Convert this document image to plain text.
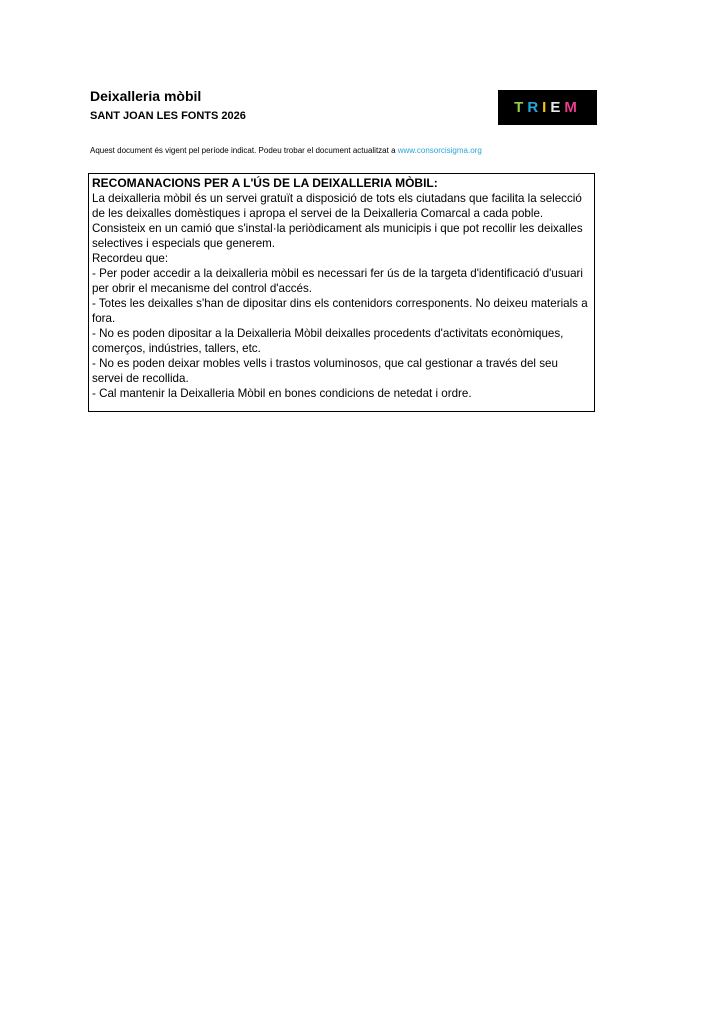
Deixalleria mòbil
SANT JOAN LES FONTS 2026	T R I E M
Aquest document és vigent pel període indicat. Podeu trobar el document actualitzat a www.consorcisigma.org
RECOMANACIONS PER A L'ÚS DE LA DEIXALLERIA MÒBIL:

La deixalleria mòbil és un servei gratuït a disposició de tots els ciutadans que facilita la selecció de les deixalles domèstiques i apropa el servei de la Deixalleria Comarcal a cada poble.

Consisteix en un camió que s'instal·la periòdicament als municipis i que pot recollir les deixalles selectives i especials que generem.

Recordeu que:

- Per poder accedir a la deixalleria mòbil es necessari fer ús de la targeta d'identificació d'usuari per obrir el mecanisme del control d'accés.

- Totes les deixalles s'han de dipositar dins els contenidors corresponents. No deixeu materials a fora.

- No es poden dipositar a la Deixalleria Mòbil deixalles procedents d'activitats econòmiques, comerços, indústries, tallers, etc.

- No es poden deixar mobles vells i trastos voluminosos, que cal gestionar a través del seu servei de recollida.

- Cal mantenir la Deixalleria Mòbil en bones condicions de netedat i ordre.
